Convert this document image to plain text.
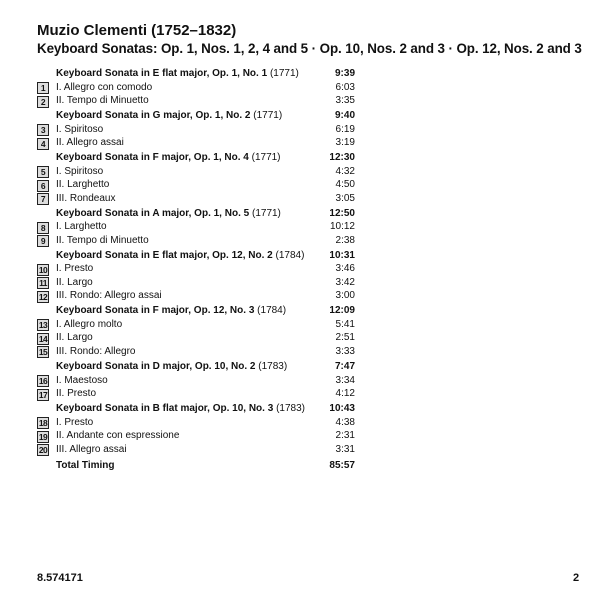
Muzio Clementi (1752–1832)
Keyboard Sonatas: Op. 1, Nos. 1, 2, 4 and 5 · Op. 10, Nos. 2 and 3 · Op. 12, Nos. 2 and 3
Keyboard Sonata in E flat major, Op. 1, No. 1 (1771)	9:39
1	I. Allegro con comodo	6:03
2	II. Tempo di Minuetto	3:35
Keyboard Sonata in G major, Op. 1, No. 2 (1771)	9:40
3	I. Spiritoso	6:19
4	II. Allegro assai	3:19
Keyboard Sonata in F major, Op. 1, No. 4 (1771)	12:30
5	I. Spiritoso	4:32
6	II. Larghetto	4:50
7	III. Rondeaux	3:05
Keyboard Sonata in A major, Op. 1, No. 5 (1771)	12:50
8	I. Larghetto	10:12
9	II. Tempo di Minuetto	2:38
Keyboard Sonata in E flat major, Op. 12, No. 2 (1784)	10:31
10 I. Presto	3:46
11 II. Largo	3:42
12 III. Rondo: Allegro assai	3:00
Keyboard Sonata in F major, Op. 12, No. 3 (1784)	12:09
13 I. Allegro molto	5:41
14 II. Largo	2:51
15 III. Rondo: Allegro	3:33
Keyboard Sonata in D major, Op. 10, No. 2 (1783)	7:47
16 I. Maestoso	3:34
17 II. Presto	4:12
Keyboard Sonata in B flat major, Op. 10, No. 3 (1783) 10:43
18 I. Presto	4:38
19 II. Andante con espressione	2:31
20 III. Allegro assai	3:31
Total Timing	85:57
8.574171	2
